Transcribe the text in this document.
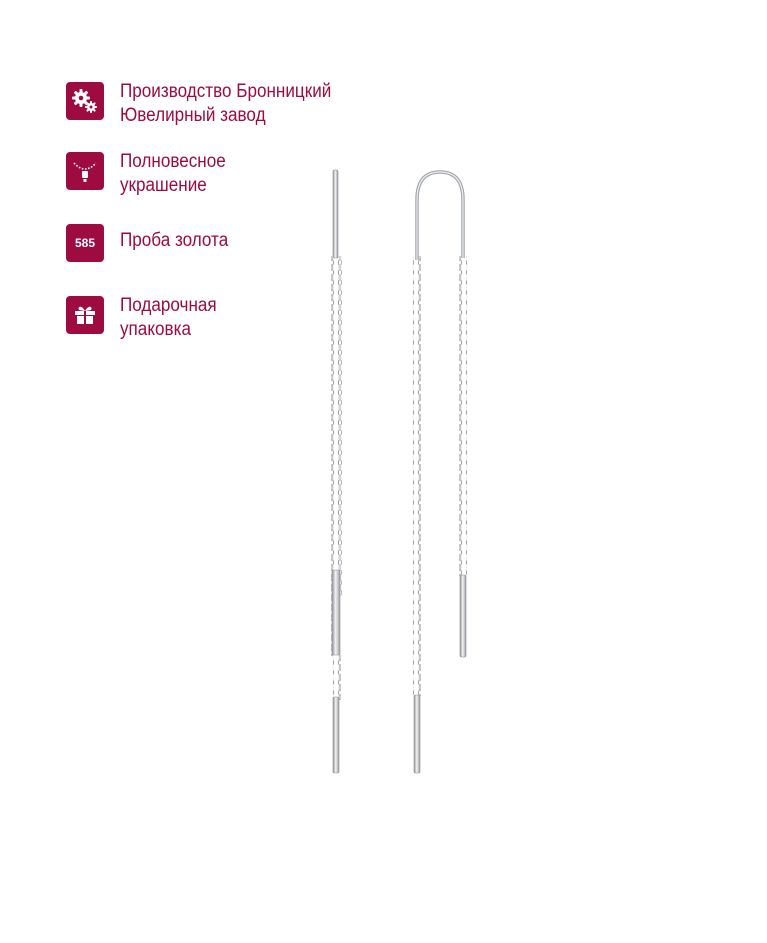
Производство Бронницкий
Ювелирный завод
Полновесное
украшение
585 Проба золота
Подарочная
упаковка
